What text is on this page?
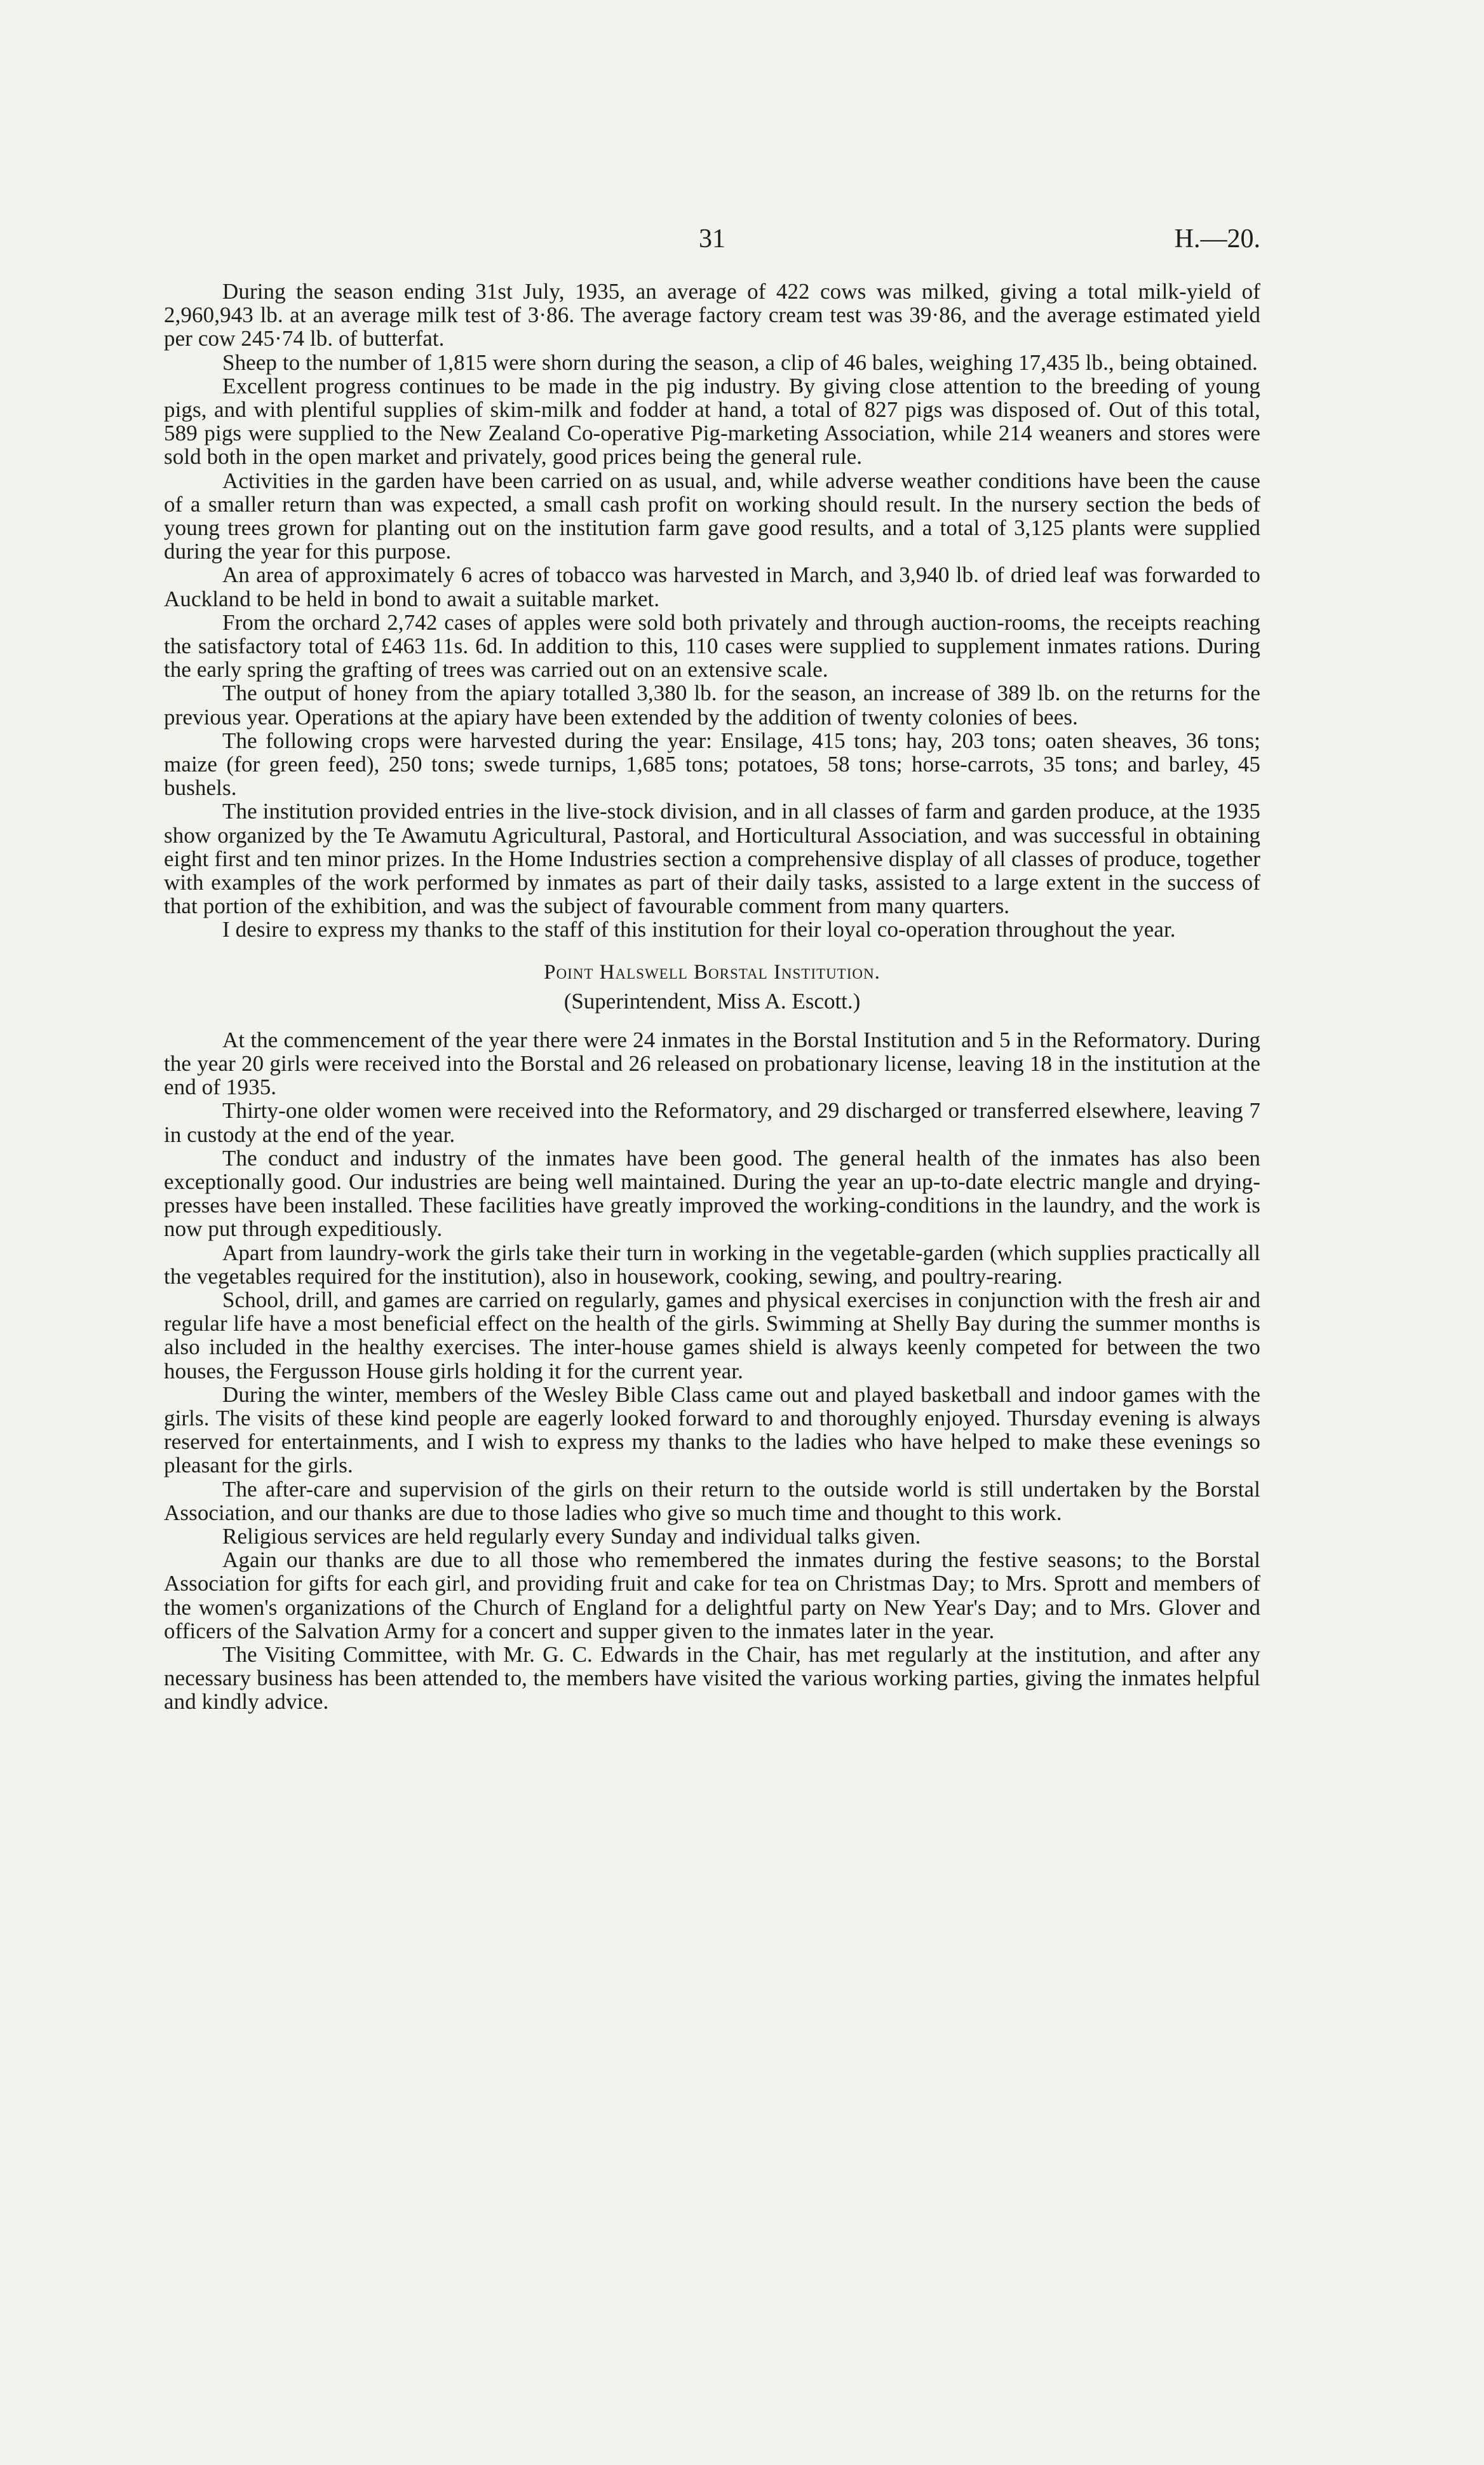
31	H.—20.

During the season ending 31st July, 1935, an average of 422 cows was milked, giving a total milk-yield of 2,960,943 lb. at an average milk test of 3·86. The average factory cream test was 39·86, and the average estimated yield per cow 245·74 lb. of butterfat.

Sheep to the number of 1,815 were shorn during the season, a clip of 46 bales, weighing 17,435 lb., being obtained.

Excellent progress continues to be made in the pig industry. By giving close attention to the breeding of young pigs, and with plentiful supplies of skim-milk and fodder at hand, a total of 827 pigs was disposed of. Out of this total, 589 pigs were supplied to the New Zealand Co-operative Pig-marketing Association, while 214 weaners and stores were sold both in the open market and privately, good prices being the general rule.

Activities in the garden have been carried on as usual, and, while adverse weather conditions have been the cause of a smaller return than was expected, a small cash profit on working should result. In the nursery section the beds of young trees grown for planting out on the institution farm gave good results, and a total of 3,125 plants were supplied during the year for this purpose.

An area of approximately 6 acres of tobacco was harvested in March, and 3,940 lb. of dried leaf was forwarded to Auckland to be held in bond to await a suitable market.

From the orchard 2,742 cases of apples were sold both privately and through auction-rooms, the receipts reaching the satisfactory total of £463 11s. 6d. In addition to this, 110 cases were supplied to supplement inmates rations. During the early spring the grafting of trees was carried out on an extensive scale.

The output of honey from the apiary totalled 3,380 lb. for the season, an increase of 389 lb. on the returns for the previous year. Operations at the apiary have been extended by the addition of twenty colonies of bees.

The following crops were harvested during the year: Ensilage, 415 tons; hay, 203 tons; oaten sheaves, 36 tons; maize (for green feed), 250 tons; swede turnips, 1,685 tons; potatoes, 58 tons; horse-carrots, 35 tons; and barley, 45 bushels.

The institution provided entries in the live-stock division, and in all classes of farm and garden produce, at the 1935 show organized by the Te Awamutu Agricultural, Pastoral, and Horticultural Association, and was successful in obtaining eight first and ten minor prizes. In the Home Industries section a comprehensive display of all classes of produce, together with examples of the work performed by inmates as part of their daily tasks, assisted to a large extent in the success of that portion of the exhibition, and was the subject of favourable comment from many quarters.

I desire to express my thanks to the staff of this institution for their loyal co-operation throughout the year.

Point Halswell Borstal Institution.
(Superintendent, Miss A. Escott.)

At the commencement of the year there were 24 inmates in the Borstal Institution and 5 in the Reformatory. During the year 20 girls were received into the Borstal and 26 released on probationary license, leaving 18 in the institution at the end of 1935.

Thirty-one older women were received into the Reformatory, and 29 discharged or transferred elsewhere, leaving 7 in custody at the end of the year.

The conduct and industry of the inmates have been good. The general health of the inmates has also been exceptionally good. Our industries are being well maintained. During the year an up-to-date electric mangle and drying-presses have been installed. These facilities have greatly improved the working-conditions in the laundry, and the work is now put through expeditiously.

Apart from laundry-work the girls take their turn in working in the vegetable-garden (which supplies practically all the vegetables required for the institution), also in housework, cooking, sewing, and poultry-rearing.

School, drill, and games are carried on regularly, games and physical exercises in conjunction with the fresh air and regular life have a most beneficial effect on the health of the girls. Swimming at Shelly Bay during the summer months is also included in the healthy exercises. The inter-house games shield is always keenly competed for between the two houses, the Fergusson House girls holding it for the current year.

During the winter, members of the Wesley Bible Class came out and played basketball and indoor games with the girls. The visits of these kind people are eagerly looked forward to and thoroughly enjoyed. Thursday evening is always reserved for entertainments, and I wish to express my thanks to the ladies who have helped to make these evenings so pleasant for the girls.

The after-care and supervision of the girls on their return to the outside world is still undertaken by the Borstal Association, and our thanks are due to those ladies who give so much time and thought to this work.

Religious services are held regularly every Sunday and individual talks given.

Again our thanks are due to all those who remembered the inmates during the festive seasons; to the Borstal Association for gifts for each girl, and providing fruit and cake for tea on Christmas Day; to Mrs. Sprott and members of the women's organizations of the Church of England for a delightful party on New Year's Day; and to Mrs. Glover and officers of the Salvation Army for a concert and supper given to the inmates later in the year.

The Visiting Committee, with Mr. G. C. Edwards in the Chair, has met regularly at the institution, and after any necessary business has been attended to, the members have visited the various working parties, giving the inmates helpful and kindly advice.
